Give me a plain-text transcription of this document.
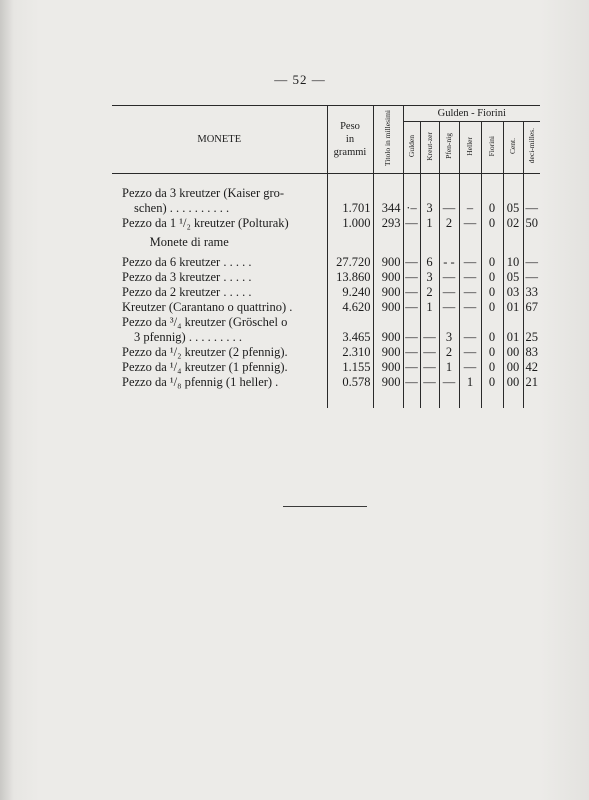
— 52 —
MONETE	Peso
in
grammi	Titolo in millesimi	Gulden - Fiorini						
			Gulden	Kreut-zer	Pfen-nig	Heller	Fiorini	Cent.	deci-milles.

Pezzo da 3 kreutzer (Kaiser gro-									
schen) . . . . . . . . . .	1.701	344	·–	3	—	–	0	05	—
Pezzo da 1 ¹/₂ kreutzer (Polturak)	1.000	293	—	1	2	—	0	02	50
Monete di rame									
Pezzo da 6 kreutzer . . . . .	27.720	900	—	6	- -	—	0	10	—
Pezzo da 3 kreutzer . . . . .	13.860	900	—	3	—	—	0	05	—
Pezzo da 2 kreutzer . . . . .	9.240	900	—	2	—	—	0	03	33
Kreutzer (Carantano o quattrino) .	4.620	900	—	1	—	—	0	01	67
Pezzo da ³/₄ kreutzer (Gröschel o									
3 pfennig) . . . . . . . . .	3.465	900	—	—	3	—	0	01	25
Pezzo da ¹/₂ kreutzer (2 pfennig).	2.310	900	—	—	2	—	0	00	83
Pezzo da ¹/₄ kreutzer (1 pfennig).	1.155	900	—	—	1	—	0	00	42
Pezzo da ¹/₈ pfennig (1 heller) .	0.578	900	—	—	—	1	0	00	21
